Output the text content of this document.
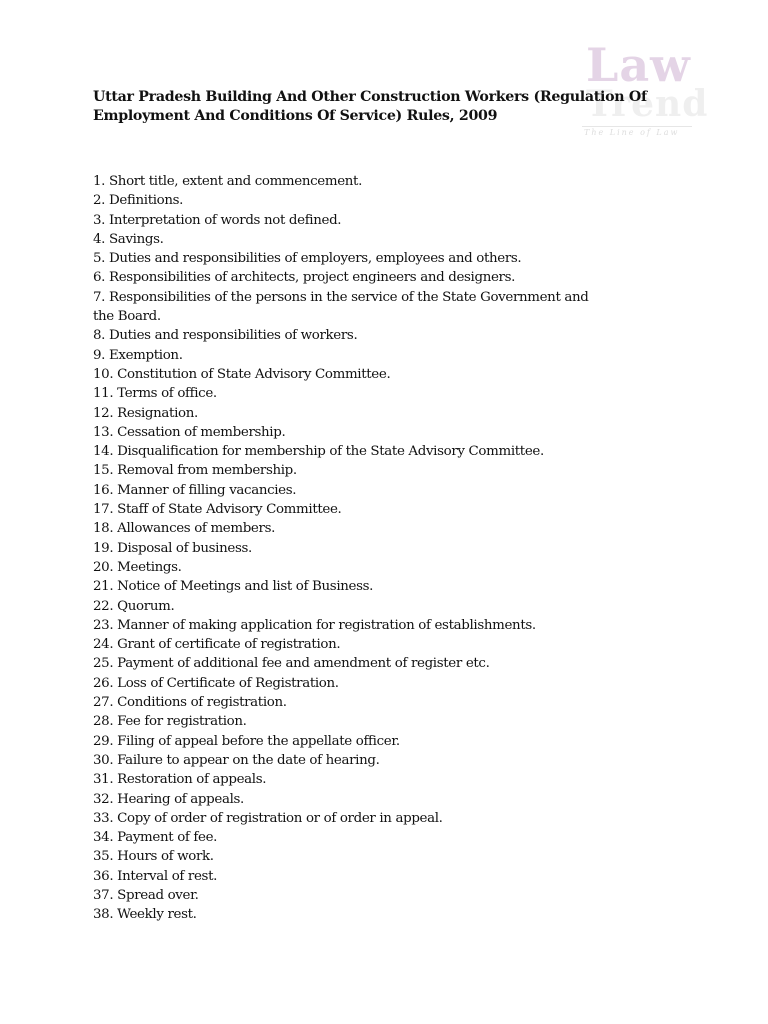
Law
Trend
The Line of Law
Uttar Pradesh Building And Other Construction Workers (Regulation Of
Employment And Conditions Of Service) Rules, 2009
1. Short title, extent and commencement.
2. Definitions.
3. Interpretation of words not defined.
4. Savings.
5. Duties and responsibilities of employers, employees and others.
6. Responsibilities of architects, project engineers and designers.
7. Responsibilities of the persons in the service of the State Government and
the Board.
8. Duties and responsibilities of workers.
9. Exemption.
10. Constitution of State Advisory Committee.
11. Terms of office.
12. Resignation.
13. Cessation of membership.
14. Disqualification for membership of the State Advisory Committee.
15. Removal from membership.
16. Manner of filling vacancies.
17. Staff of State Advisory Committee.
18. Allowances of members.
19. Disposal of business.
20. Meetings.
21. Notice of Meetings and list of Business.
22. Quorum.
23. Manner of making application for registration of establishments.
24. Grant of certificate of registration.
25. Payment of additional fee and amendment of register etc.
26. Loss of Certificate of Registration.
27. Conditions of registration.
28. Fee for registration.
29. Filing of appeal before the appellate officer.
30. Failure to appear on the date of hearing.
31. Restoration of appeals.
32. Hearing of appeals.
33. Copy of order of registration or of order in appeal.
34. Payment of fee.
35. Hours of work.
36. Interval of rest.
37. Spread over.
38. Weekly rest.
